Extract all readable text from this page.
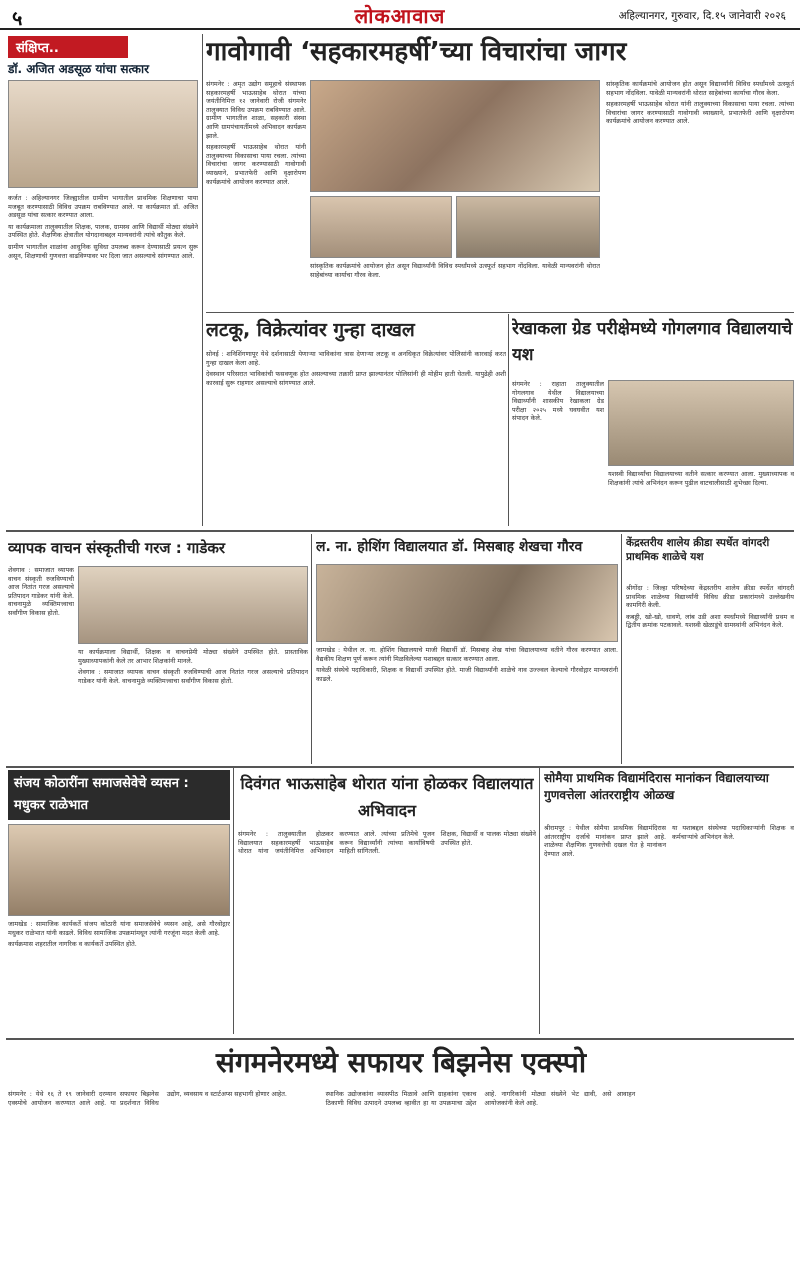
५	लोकआवाज	अहिल्यानगर, गुरुवार, दि.१५ जानेवारी २०२६
संक्षिप्त..
डॉ. अजित अडसूळ यांचा सत्कार

कर्जत : अहिल्यानगर जिल्ह्यातील ग्रामीण भागातील प्राथमिक शिक्षणाचा पाया मजबूत करण्यासाठी विविध उपक्रम राबविण्यात आले. या कार्यक्रमात डॉ. अजित अडसूळ यांचा सत्कार करण्यात आला.

या कार्यक्रमाला तालुक्यातील शिक्षक, पालक, ग्रामस्थ आणि विद्यार्थी मोठ्या संख्येने उपस्थित होते. शैक्षणिक क्षेत्रातील योगदानाबद्दल मान्यवरांनी त्यांचे कौतुक केले.

ग्रामीण भागातील शाळांना आधुनिक सुविधा उपलब्ध करून देण्यासाठी प्रयत्न सुरू असून, शिक्षणाची गुणवत्ता वाढविण्यावर भर दिला जात असल्याचे सांगण्यात आले.

गावोगावी ‘सहकारमहर्षी’च्या विचारांचा जागर

संगमनेर : अमृत उद्योग समूहाचे संस्थापक सहकारमहर्षी भाऊसाहेब थोरात यांच्या जयंतीनिमित्त १२ जानेवारी रोजी संगमनेर तालुक्यात विविध उपक्रम राबविण्यात आले. ग्रामीण भागातील शाळा, सहकारी संस्था आणि ग्रामपंचायतींमध्ये अभिवादन कार्यक्रम झाले.

सहकारमहर्षी भाऊसाहेब थोरात यांनी तालुक्याच्या विकासाचा पाया रचला. त्यांच्या विचारांचा जागर करण्यासाठी गावोगावी व्याख्याने, प्रभातफेरी आणि वृक्षारोपण कार्यक्रमांचे आयोजन करण्यात आले.

सांस्कृतिक कार्यक्रमांचे आयोजन होत असून विद्यार्थ्यांनी विविध स्पर्धांमध्ये उत्स्फूर्त सहभाग नोंदविला. यावेळी मान्यवरांनी थोरात साहेबांच्या कार्याचा गौरव केला.

सांस्कृतिक कार्यक्रमांचे आयोजन होत असून विद्यार्थ्यांनी विविध स्पर्धांमध्ये उत्स्फूर्त सहभाग नोंदविला. यावेळी मान्यवरांनी थोरात साहेबांच्या कार्याचा गौरव केला.

सहकारमहर्षी भाऊसाहेब थोरात यांनी तालुक्याच्या विकासाचा पाया रचला. त्यांच्या विचारांचा जागर करण्यासाठी गावोगावी व्याख्याने, प्रभातफेरी आणि वृक्षारोपण कार्यक्रमांचे आयोजन करण्यात आले.

लटकू, विक्रेत्यांवर गुन्हा दाखल

सोनई : शनिशिंगणापूर येथे दर्शनासाठी येणाऱ्या भाविकांना त्रास देणाऱ्या लटकू व अनधिकृत विक्रेत्यांवर पोलिसांनी कारवाई करत गुन्हा दाखल केला आहे.

देवस्थान परिसरात भाविकांची फसवणूक होत असल्याच्या तक्रारी प्राप्त झाल्यानंतर पोलिसांनी ही मोहीम हाती घेतली. यापुढेही अशी कारवाई सुरू राहणार असल्याचे सांगण्यात आले.

रेखाकला ग्रेड परीक्षेमध्ये गोगलगाव विद्यालयाचे यश

संगमनेर : राहाता तालुक्यातील गोगलगाव येथील विद्यालयाच्या विद्यार्थ्यांनी शासकीय रेखाकला ग्रेड परीक्षा २०२५ मध्ये घवघवीत यश संपादन केले.

यशस्वी विद्यार्थ्यांचा विद्यालयाच्या वतीने सत्कार करण्यात आला. मुख्याध्यापक व शिक्षकांनी त्यांचे अभिनंदन करून पुढील वाटचालीसाठी शुभेच्छा दिल्या.

व्यापक वाचन संस्कृतीची गरज : गाडेकर

शेवगाव : समाजात व्यापक वाचन संस्कृती रुजविण्याची आज नितांत गरज असल्याचे प्रतिपादन गाडेकर यांनी केले. वाचनामुळे व्यक्तिमत्त्वाचा सर्वांगीण विकास होतो.

या कार्यक्रमाला विद्यार्थी, शिक्षक व वाचनप्रेमी मोठ्या संख्येने उपस्थित होते. प्रास्ताविक मुख्याध्यापकांनी केले तर आभार शिक्षकांनी मानले.

शेवगाव : समाजात व्यापक वाचन संस्कृती रुजविण्याची आज नितांत गरज असल्याचे प्रतिपादन गाडेकर यांनी केले. वाचनामुळे व्यक्तिमत्त्वाचा सर्वांगीण विकास होतो.

ल. ना. होशिंग विद्यालयात डॉ. मिसबाह शेखचा गौरव

जामखेड : येथील ल. ना. होशिंग विद्यालयाचे माजी विद्यार्थी डॉ. मिसबाह शेख यांचा विद्यालयाच्या वतीने गौरव करण्यात आला. वैद्यकीय शिक्षण पूर्ण करून त्यांनी मिळविलेल्या यशाबद्दल सत्कार करण्यात आला.

यावेळी संस्थेचे पदाधिकारी, शिक्षक व विद्यार्थी उपस्थित होते. माजी विद्यार्थ्यांनी शाळेचे नाव उज्ज्वल केल्याचे गौरवोद्गार मान्यवरांनी काढले.

केंद्रस्तरीय शालेय क्रीडा स्पर्धेत वांगदरी प्राथमिक शाळेचे यश

श्रीगोंदा : जिल्हा परिषदेच्या केंद्रस्तरीय शालेय क्रीडा स्पर्धेत वांगदरी प्राथमिक शाळेच्या विद्यार्थ्यांनी विविध क्रीडा प्रकारांमध्ये उल्लेखनीय कामगिरी केली.

कबड्डी, खो-खो, धावणे, लांब उडी अशा स्पर्धांमध्ये विद्यार्थ्यांनी प्रथम व द्वितीय क्रमांक पटकावले. यशस्वी खेळाडूंचे ग्रामस्थांनी अभिनंदन केले.

संजय कोठारींना समाजसेवेचे व्यसन : मधुकर राळेभात

जामखेड : सामाजिक कार्यकर्ते संजय कोठारी यांना समाजसेवेचे व्यसन आहे, असे गौरवोद्गार मधुकर राळेभात यांनी काढले. विविध सामाजिक उपक्रमांमधून त्यांनी गरजूंना मदत केली आहे.

कार्यक्रमास शहरातील नागरिक व कार्यकर्ते उपस्थित होते.

दिवंगत भाऊसाहेब थोरात यांना होळकर विद्यालयात अभिवादन

संगमनेर : तालुक्यातील होळकर विद्यालयात सहकारमहर्षी भाऊसाहेब थोरात यांना जयंतीनिमित्त अभिवादन करण्यात आले. त्यांच्या प्रतिमेचे पूजन करून विद्यार्थ्यांनी त्यांच्या कार्याविषयी माहिती सांगितली.

शिक्षक, विद्यार्थी व पालक मोठ्या संख्येने उपस्थित होते.

सोमैया प्राथमिक विद्यामंदिरास मानांकन विद्यालयाच्या गुणवत्तेला आंतरराष्ट्रीय ओळख

श्रीरामपूर : येथील सोमैया प्राथमिक विद्यामंदिरास आंतरराष्ट्रीय दर्जाचे मानांकन प्राप्त झाले आहे. शाळेच्या शैक्षणिक गुणवत्तेची दखल घेत हे मानांकन देण्यात आले.

या यशाबद्दल संस्थेच्या पदाधिकाऱ्यांनी शिक्षक व कर्मचाऱ्यांचे अभिनंदन केले.

संगमनेरमध्ये सफायर बिझनेस एक्स्पो

संगमनेर : येथे १६ ते १९ जानेवारी दरम्यान सफायर बिझनेस एक्स्पोचे आयोजन करण्यात आले आहे. या प्रदर्शनात विविध उद्योग, व्यवसाय व स्टार्टअप्स सहभागी होणार आहेत.	स्थानिक उद्योजकांना व्यासपीठ मिळावे आणि ग्राहकांना एकाच ठिकाणी विविध उत्पादने उपलब्ध व्हावीत हा या उपक्रमाचा उद्देश आहे. नागरिकांनी मोठ्या संख्येने भेट द्यावी, असे आवाहन आयोजकांनी केले आहे.
